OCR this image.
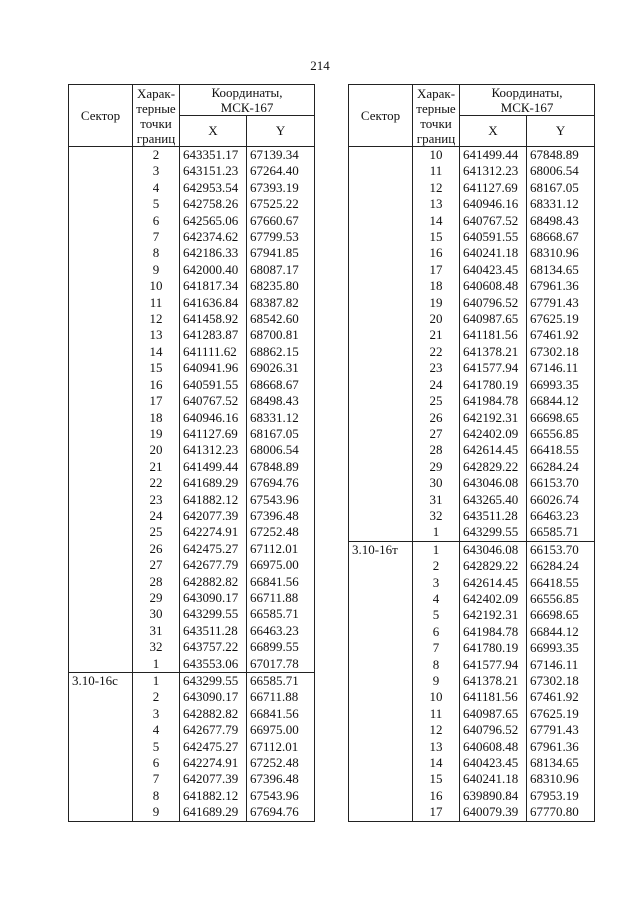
214
Сектор	Харак-
терные
точки
границ	Координаты,
МСК-167	
		X	Y
	2	643351.17	67139.34
	3	643151.23	67264.40
	4	642953.54	67393.19
	5	642758.26	67525.22
	6	642565.06	67660.67
	7	642374.62	67799.53
	8	642186.33	67941.85
	9	642000.40	68087.17
	10	641817.34	68235.80
	11	641636.84	68387.82
	12	641458.92	68542.60
	13	641283.87	68700.81
	14	641111.62	68862.15
	15	640941.96	69026.31
	16	640591.55	68668.67
	17	640767.52	68498.43
	18	640946.16	68331.12
	19	641127.69	68167.05
	20	641312.23	68006.54
	21	641499.44	67848.89
	22	641689.29	67694.76
	23	641882.12	67543.96
	24	642077.39	67396.48
	25	642274.91	67252.48
	26	642475.27	67112.01
	27	642677.79	66975.00
	28	642882.82	66841.56
	29	643090.17	66711.88
	30	643299.55	66585.71
	31	643511.28	66463.23
	32	643757.22	66899.55
	1	643553.06	67017.78
3.10-16c	1	643299.55	66585.71
	2	643090.17	66711.88
	3	642882.82	66841.56
	4	642677.79	66975.00
	5	642475.27	67112.01
	6	642274.91	67252.48
	7	642077.39	67396.48
	8	641882.12	67543.96
	9	641689.29	67694.76
Сектор	Харак-
терные
точки
границ	Координаты,
МСК-167	
		X	Y
	10	641499.44	67848.89
	11	641312.23	68006.54
	12	641127.69	68167.05
	13	640946.16	68331.12
	14	640767.52	68498.43
	15	640591.55	68668.67
	16	640241.18	68310.96
	17	640423.45	68134.65
	18	640608.48	67961.36
	19	640796.52	67791.43
	20	640987.65	67625.19
	21	641181.56	67461.92
	22	641378.21	67302.18
	23	641577.94	67146.11
	24	641780.19	66993.35
	25	641984.78	66844.12
	26	642192.31	66698.65
	27	642402.09	66556.85
	28	642614.45	66418.55
	29	642829.22	66284.24
	30	643046.08	66153.70
	31	643265.40	66026.74
	32	643511.28	66463.23
	1	643299.55	66585.71
3.10-16т	1	643046.08	66153.70
	2	642829.22	66284.24
	3	642614.45	66418.55
	4	642402.09	66556.85
	5	642192.31	66698.65
	6	641984.78	66844.12
	7	641780.19	66993.35
	8	641577.94	67146.11
	9	641378.21	67302.18
	10	641181.56	67461.92
	11	640987.65	67625.19
	12	640796.52	67791.43
	13	640608.48	67961.36
	14	640423.45	68134.65
	15	640241.18	68310.96
	16	639890.84	67953.19
	17	640079.39	67770.80
